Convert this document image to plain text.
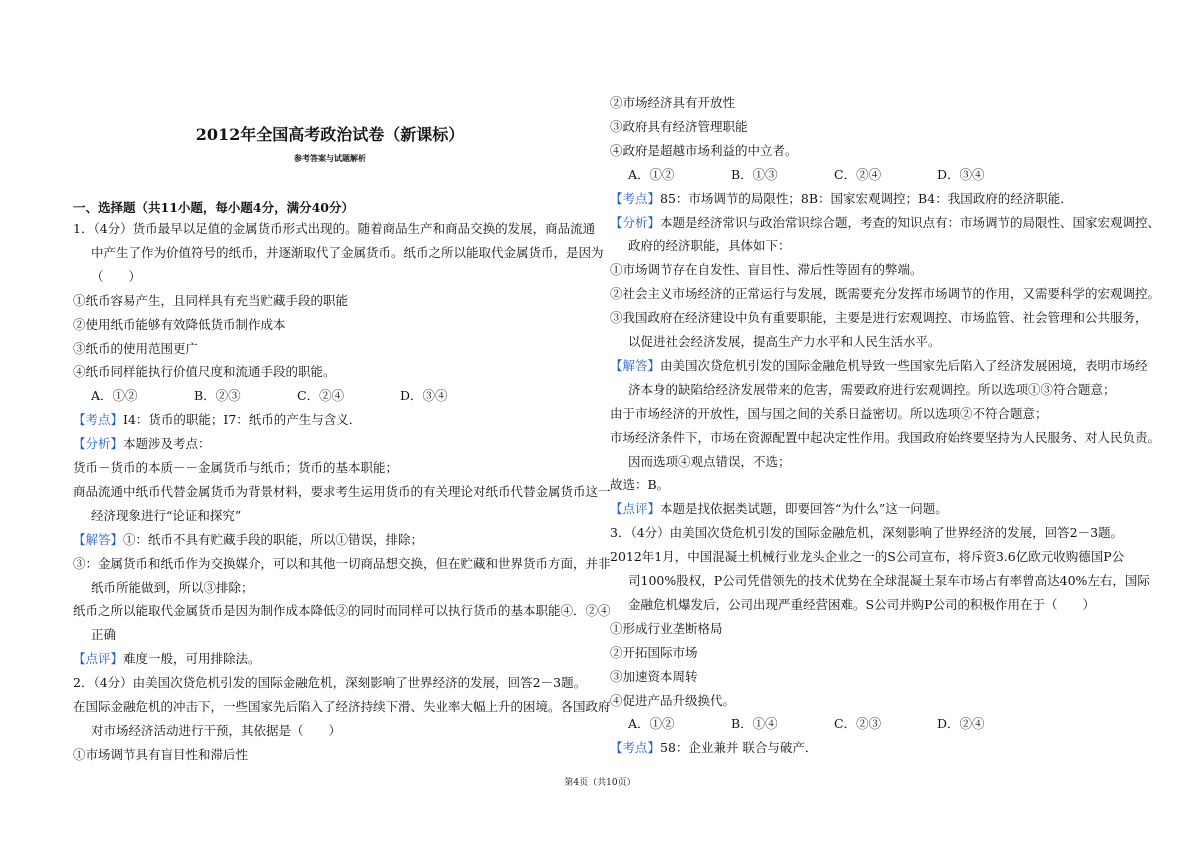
2012年全国高考政治试卷（新课标）
参考答案与试题解析
一、选择题（共11小题，每小题4分，满分40分）
1．（4分）货币最早以足值的金属货币形式出现的。随着商品生产和商品交换的发展，商品流通
中产生了作为价值符号的纸币，并逐渐取代了金属货币。纸币之所以能取代金属货币，是因为
（　　）
①纸币容易产生，且同样具有充当贮藏手段的职能
②使用纸币能够有效降低货币制作成本
③纸币的使用范围更广
④纸币同样能执行价值尺度和流通手段的职能。
A．①②	B．②③	C．②④	D．③④
【考点】I4：货币的职能；I7：纸币的产生与含义．
【分析】本题涉及考点：
货币－货币的本质－－金属货币与纸币；货币的基本职能；
商品流通中纸币代替金属货币为背景材料，要求考生运用货币的有关理论对纸币代替金属货币这一
经济现象进行“论证和探究”
【解答】①：纸币不具有贮藏手段的职能，所以①错误，排除；
③：金属货币和纸币作为交换媒介，可以和其他一切商品想交换，但在贮藏和世界货币方面，并非
纸币所能做到，所以③排除；
纸币之所以能取代金属货币是因为制作成本降低②的同时而同样可以执行货币的基本职能④．②④
正确
【点评】难度一般，可用排除法。
2．（4分）由美国次贷危机引发的国际金融危机，深刻影响了世界经济的发展，回答2－3题。
在国际金融危机的冲击下，一些国家先后陷入了经济持续下滑、失业率大幅上升的困境。各国政府
对市场经济活动进行干预，其依据是（　　）
①市场调节具有盲目性和滞后性
②市场经济具有开放性
③政府具有经济管理职能
④政府是超越市场利益的中立者。
A．①②	B．①③	C．②④	D．③④
【考点】85：市场调节的局限性；8B：国家宏观调控；B4：我国政府的经济职能．
【分析】本题是经济常识与政治常识综合题，考查的知识点有：市场调节的局限性、国家宏观调控、
政府的经济职能，具体如下：
①市场调节存在自发性、盲目性、滞后性等固有的弊端。
②社会主义市场经济的正常运行与发展，既需要充分发挥市场调节的作用，又需要科学的宏观调控。
③我国政府在经济建设中负有重要职能，主要是进行宏观调控、市场监管、社会管理和公共服务，
以促进社会经济发展，提高生产力水平和人民生活水平。
【解答】由美国次贷危机引发的国际金融危机导致一些国家先后陷入了经济发展困境，表明市场经
济本身的缺陷给经济发展带来的危害，需要政府进行宏观调控。所以选项①③符合题意；
由于市场经济的开放性，国与国之间的关系日益密切。所以选项②不符合题意；
市场经济条件下，市场在资源配置中起决定性作用。我国政府始终要坚持为人民服务、对人民负责。
因而选项④观点错误，不选；
故选：B。
【点评】本题是找依据类试题，即要回答“为什么”这一问题。
3．（4分）由美国次贷危机引发的国际金融危机，深刻影响了世界经济的发展，回答2－3题。
2012年1月，中国混凝土机械行业龙头企业之一的S公司宣布，将斥资3.6亿欧元收购德国P公
司100%股权，P公司凭借领先的技术优势在全球混凝土泵车市场占有率曾高达40%左右，国际
金融危机爆发后，公司出现严重经营困难。S公司并购P公司的积极作用在于（　　）
①形成行业垄断格局
②开拓国际市场
③加速资本周转
④促进产品升级换代。
A．①②	B．①④	C．②③	D．②④
【考点】58：企业兼并 联合与破产．
第4页（共10页）
